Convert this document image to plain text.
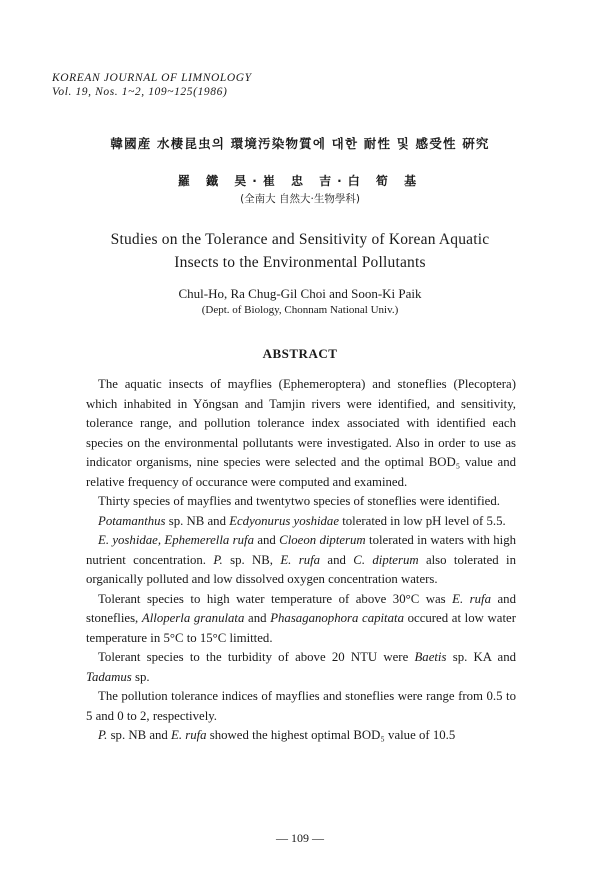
KOREAN JOURNAL OF LIMNOLOGY
Vol. 19, Nos. 1~2, 109~125(1986)
韓國産 水棲昆虫의 環境汚染物質에 대한 耐性 및 感受性 硏究
羅 鐵 昊·崔 忠 吉·白 筍 基
(全南大 自然大·生物學科)
Studies on the Tolerance and Sensitivity of Korean Aquatic
Insects to the Environmental Pollutants
Chul-Ho, Ra Chug-Gil Choi and Soon-Ki Paik
(Dept. of Biology, Chonnam National Univ.)
ABSTRACT

The aquatic insects of mayflies (Ephemeroptera) and stoneflies (Plecoptera) which inhabited in Yŏngsan and Tamjin rivers were identified, and sensitivity, tolerance range, and pollution tolerance index associated with identified each species on the environmental pollutants were investigated. Also in order to use as indicator organisms, nine species were selected and the optimal BOD₅ value and relative frequency of occurance were computed and examined.

Thirty species of mayflies and twentytwo species of stoneflies were identified.

Potamanthus sp. NB and Ecdyonurus yoshidae tolerated in low pH level of 5.5.

E. yoshidae, Ephemerella rufa and Cloeon dipterum tolerated in waters with high nutrient concentration. P. sp. NB, E. rufa and C. dipterum also tolerated in organically polluted and low dissolved oxygen concentration waters.

Tolerant species to high water temperature of above 30°C was E. rufa and stoneflies, Alloperla granulata and Phasaganophora capitata occured at low water temperature in 5°C to 15°C limitted.

Tolerant species to the turbidity of above 20 NTU were Baetis sp. KA and Tadamus sp.

The pollution tolerance indices of mayflies and stoneflies were range from 0.5 to 5 and 0 to 2, respectively.

P. sp. NB and E. rufa showed the highest optimal BOD₅ value of 10.5

— 109 —
